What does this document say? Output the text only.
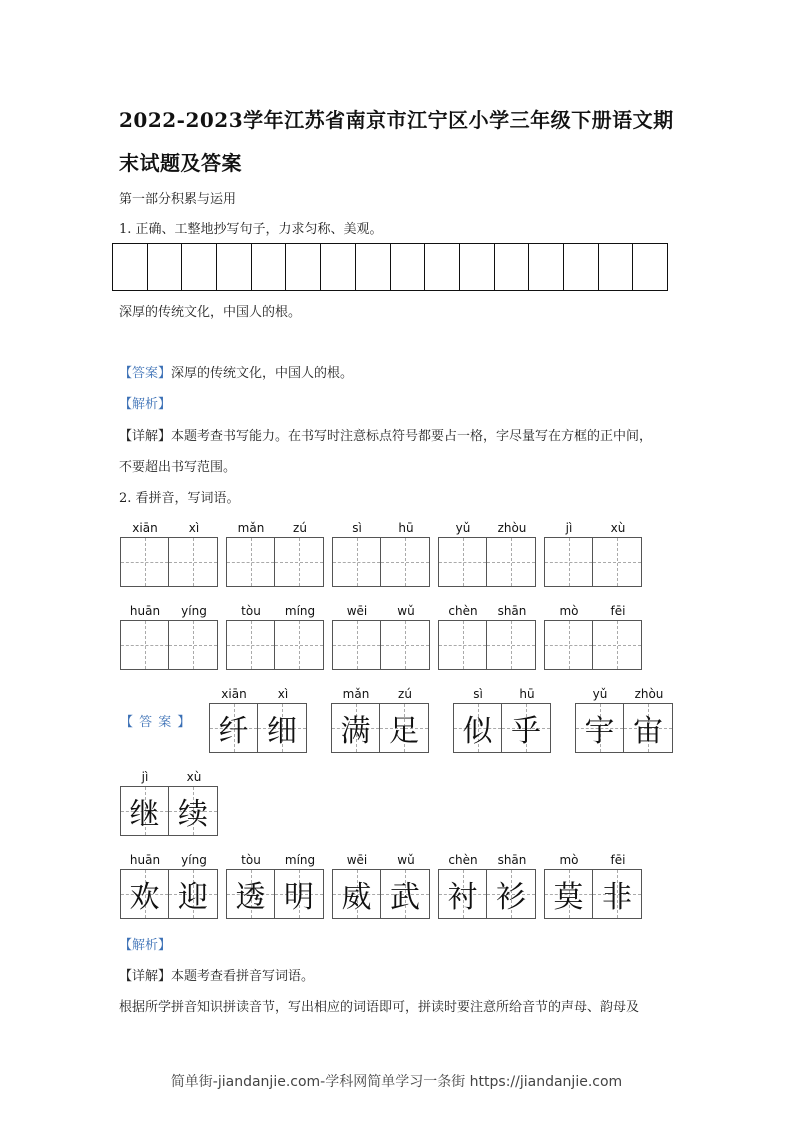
2022-2023学年江苏省南京市江宁区小学三年级下册语文期
末试题及答案
第一部分积累与运用
1. 正确、工整地抄写句子，力求匀称、美观。
深厚的传统文化，中国人的根。
【答案】深厚的传统文化，中国人的根。
【解析】
【详解】本题考查书写能力。在书写时注意标点符号都要占一格，字尽量写在方框的正中间，
不要超出书写范围。
2. 看拼音，写词语。
【 答 案 】
xiān	xì	mǎn	zú	sì	hū	yǔ	zhòu	jì	xù
huān	yíng	tòu	míng	wēi	wǔ	chèn	shān	mò	fēi
xiān	xì
纤 细
mǎn	zú
满 足
sì	hū
似 乎
yǔ	zhòu
宇 宙
jì	xù
继 续
huān	yíng
欢 迎
tòu	míng
透 明
wēi	wǔ
威 武
chèn	shān
衬 衫
mò	fēi
莫 非
【解析】
【详解】本题考查看拼音写词语。
根据所学拼音知识拼读音节，写出相应的词语即可，拼读时要注意所给音节的声母、韵母及
简单街-jiandanjie.com-学科网简单学习一条街 https://jiandanjie.com
